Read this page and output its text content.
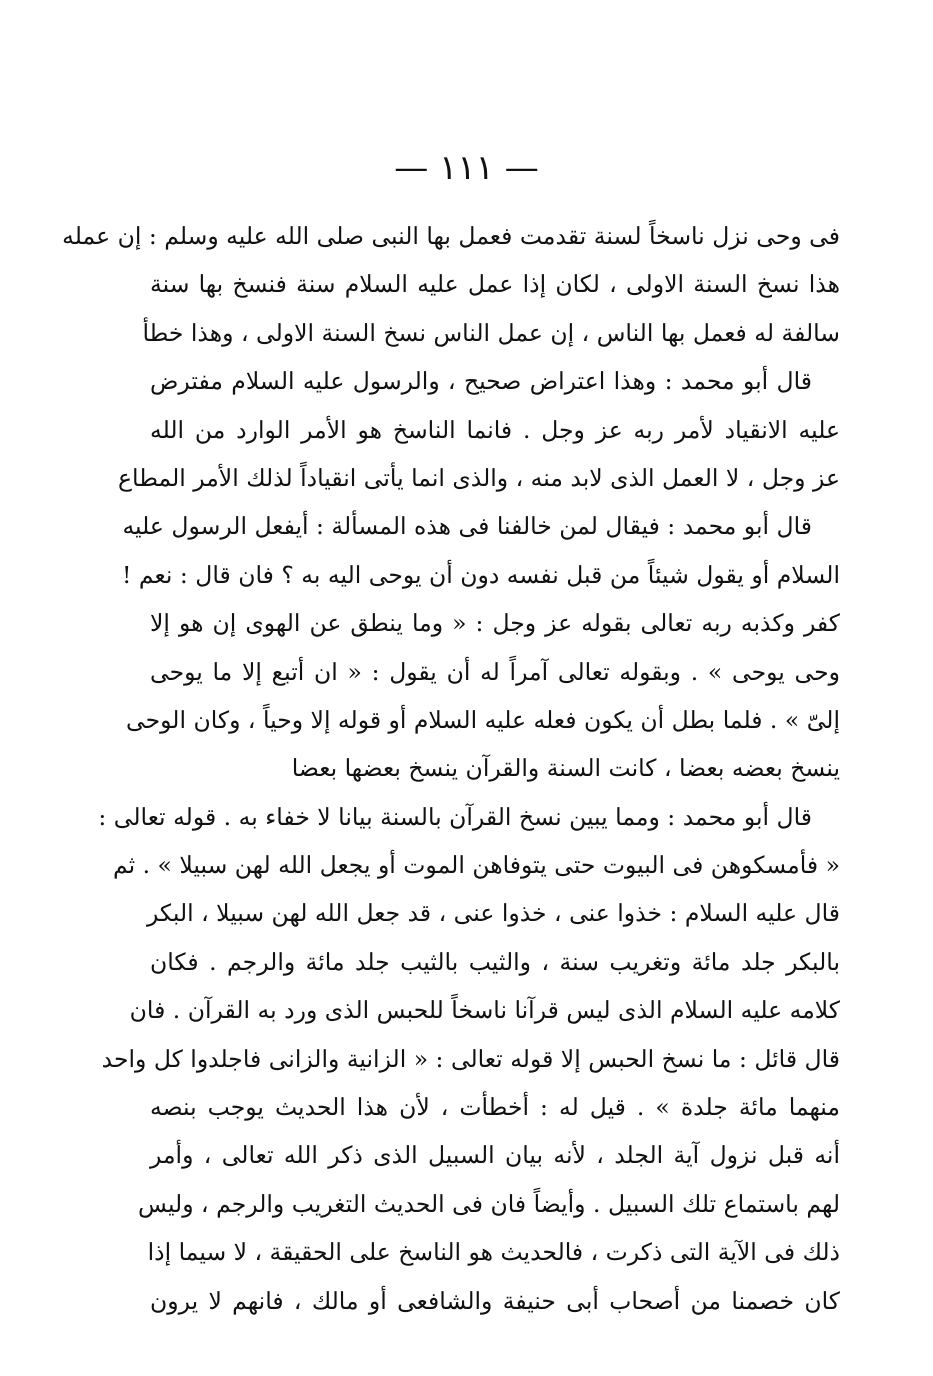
— ١١١ —
فى وحى نزل ناسخاً لسنة تقدمت فعمل بها النبى صلى الله عليه وسلم : إن عمله
هذا نسخ السنة الاولى ، لكان إذا عمل عليه السلام سنة فنسخ بها سنة
سالفة له فعمل بها الناس ، إن عمل الناس نسخ السنة الاولى ، وهذا خطأ
قال أبو محمد : وهذا اعتراض صحيح ، والرسول عليه السلام مفترض
عليه الانقياد لأمر ربه عز وجل . فانما الناسخ هو الأمر الوارد من الله
عز وجل ، لا العمل الذى لابد منه ، والذى انما يأتى انقياداً لذلك الأمر المطاع
قال أبو محمد : فيقال لمن خالفنا فى هذه المسألة : أيفعل الرسول عليه
السلام أو يقول شيئاً من قبل نفسه دون أن يوحى اليه به ؟ فان قال : نعم !
كفر وكذبه ربه تعالى بقوله عز وجل : « وما ينطق عن الهوى إن هو إلا
وحى يوحى » . وبقوله تعالى آمراً له أن يقول : « ان أتبع إلا ما يوحى
إلىّ » . فلما بطل أن يكون فعله عليه السلام أو قوله إلا وحياً ، وكان الوحى
ينسخ بعضه بعضا ، كانت السنة والقرآن ينسخ بعضها بعضا
قال أبو محمد : ومما يبين نسخ القرآن بالسنة بيانا لا خفاء به . قوله تعالى :
« فأمسكوهن فى البيوت حتى يتوفاهن الموت أو يجعل الله لهن سبيلا » . ثم
قال عليه السلام : خذوا عنى ، خذوا عنى ، قد جعل الله لهن سبيلا ، البكر
بالبكر جلد مائة وتغريب سنة ، والثيب بالثيب جلد مائة والرجم . فكان
كلامه عليه السلام الذى ليس قرآنا ناسخاً للحبس الذى ورد به القرآن . فان
قال قائل : ما نسخ الحبس إلا قوله تعالى : « الزانية والزانى فاجلدوا كل واحد
منهما مائة جلدة » . قيل له : أخطأت ، لأن هذا الحديث يوجب بنصه
أنه قبل نزول آية الجلد ، لأنه بيان السبيل الذى ذكر الله تعالى ، وأمر
لهم باستماع تلك السبيل . وأيضاً فان فى الحديث التغريب والرجم ، وليس
ذلك فى الآية التى ذكرت ، فالحديث هو الناسخ على الحقيقة ، لا سيما إذا
كان خصمنا من أصحاب أبى حنيفة والشافعى أو مالك ، فانهم لا يرون
